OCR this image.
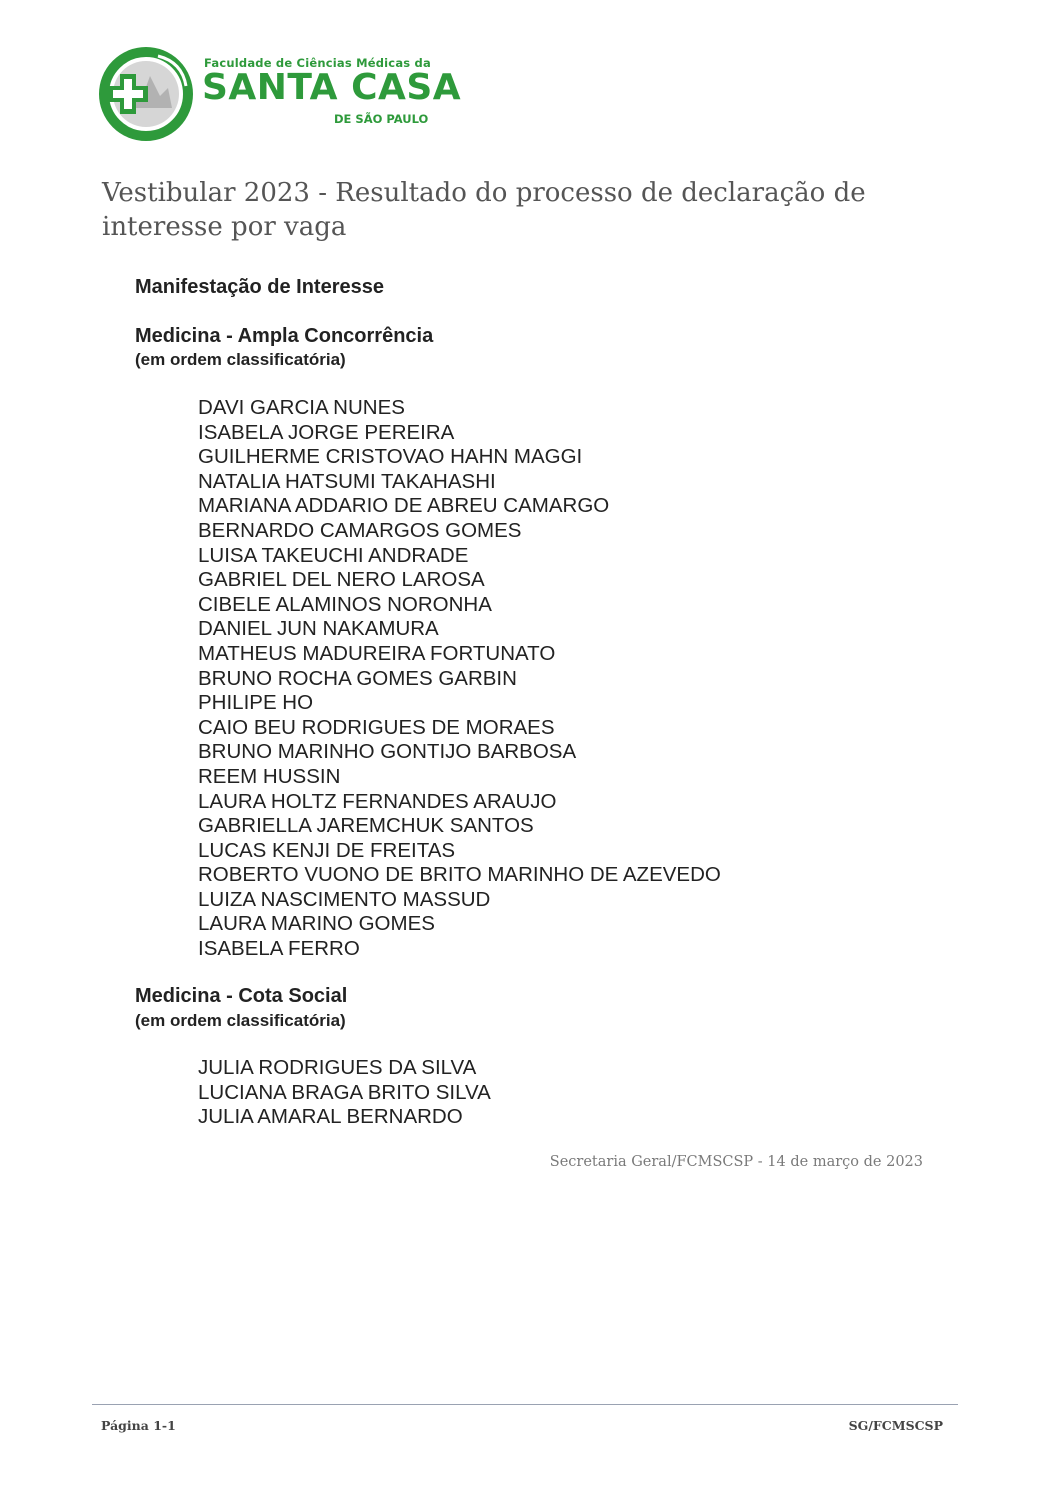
Faculdade de Ciências Médicas da
SANTA CASA
DE SÃO PAULO
Vestibular 2023 - Resultado do processo de declaração de interesse por vaga
Manifestação de Interesse
Medicina - Ampla Concorrência
(em ordem classificatória)
DAVI GARCIA NUNES
ISABELA JORGE PEREIRA
GUILHERME CRISTOVAO HAHN MAGGI
NATALIA HATSUMI TAKAHASHI
MARIANA ADDARIO DE ABREU CAMARGO
BERNARDO CAMARGOS GOMES
LUISA TAKEUCHI ANDRADE
GABRIEL DEL NERO LAROSA
CIBELE ALAMINOS NORONHA
DANIEL JUN NAKAMURA
MATHEUS MADUREIRA FORTUNATO
BRUNO ROCHA GOMES GARBIN
PHILIPE HO
CAIO BEU RODRIGUES DE MORAES
BRUNO MARINHO GONTIJO BARBOSA
REEM HUSSIN
LAURA HOLTZ FERNANDES ARAUJO
GABRIELLA JAREMCHUK SANTOS
LUCAS KENJI DE FREITAS
ROBERTO VUONO DE BRITO MARINHO DE AZEVEDO
LUIZA NASCIMENTO MASSUD
LAURA MARINO GOMES
ISABELA FERRO
Medicina - Cota Social
(em ordem classificatória)
JULIA RODRIGUES DA SILVA
LUCIANA BRAGA BRITO SILVA
JULIA AMARAL BERNARDO
Secretaria Geral/FCMSCSP - 14 de março de 2023
Página 1-1	SG/FCMSCSP
